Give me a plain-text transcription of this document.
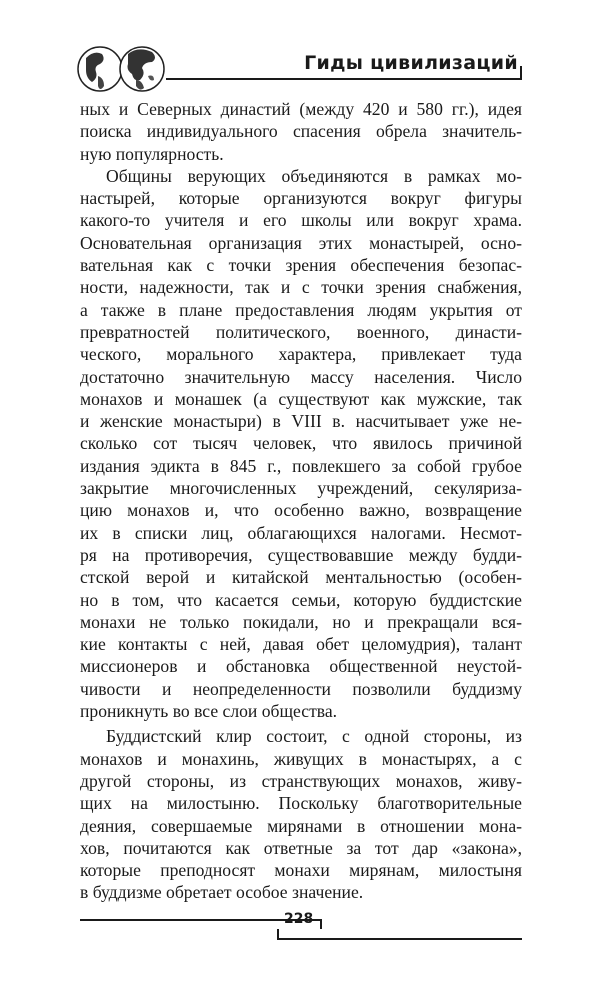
Гиды цивилизаций
ных и Северных династий (между 420 и 580 гг.), идея
поиска индивидуального спасения обрела значитель-
ную популярность.
Общины верующих объединяются в рамках мо-
настырей, которые организуются вокруг фигуры
какого-то учителя и его школы или вокруг храма.
Основательная организация этих монастырей, осно-
вательная как с точки зрения обеспечения безопас-
ности, надежности, так и с точки зрения снабжения,
а также в плане предоставления людям укрытия от
превратностей политического, военного, династи-
ческого, морального характера, привлекает туда
достаточно значительную массу населения. Число
монахов и монашек (а существуют как мужские, так
и женские монастыри) в VIII в. насчитывает уже не-
сколько сот тысяч человек, что явилось причиной
издания эдикта в 845 г., повлекшего за собой грубое
закрытие многочисленных учреждений, секуляриза-
цию монахов и, что особенно важно, возвращение
их в списки лиц, облагающихся налогами. Несмот-
ря на противоречия, существовавшие между будди-
стской верой и китайской ментальностью (особен-
но в том, что касается семьи, которую буддистские
монахи не только покидали, но и прекращали вся-
кие контакты с ней, давая обет целомудрия), талант
миссионеров и обстановка общественной неустой-
чивости и неопределенности позволили буддизму
проникнуть во все слои общества.
Буддистский клир состоит, с одной стороны, из
монахов и монахинь, живущих в монастырях, а с
другой стороны, из странствующих монахов, живу-
щих на милостыню. Поскольку благотворительные
деяния, совершаемые мирянами в отношении мона-
хов, почитаются как ответные за тот дар «закона»,
которые преподносят монахи мирянам, милостыня
в буддизме обретает особое значение.
228
